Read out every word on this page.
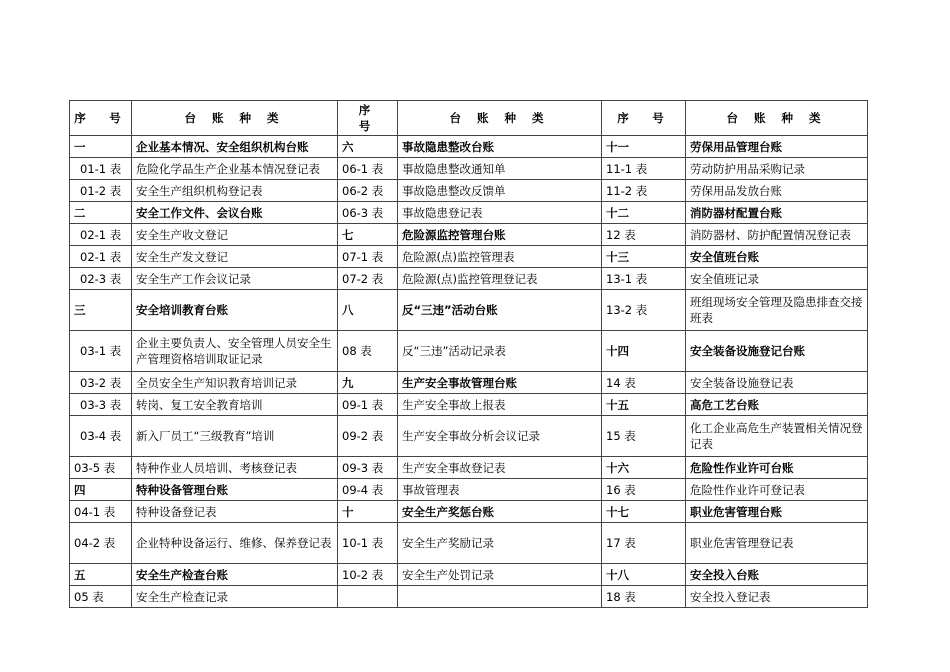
序　号	台 账 种 类	序　号	台 账 种 类	序　号	台 账 种 类
一	企业基本情况、安全组织机构台账	六	事故隐患整改台账	十一	劳保用品管理台账
01-1 表	危险化学品生产企业基本情况登记表	06-1 表	事故隐患整改通知单	11-1 表	劳动防护用品采购记录
01-2 表	安全生产组织机构登记表	06-2 表	事故隐患整改反馈单	11-2 表	劳保用品发放台账
二	安全工作文件、会议台账	06-3 表	事故隐患登记表	十二	消防器材配置台账
02-1 表	安全生产收文登记	七	危险源监控管理台账	12 表	消防器材、防护配置情况登记表
02-1 表	安全生产发文登记	07-1 表	危险源(点)监控管理表	十三	安全值班台账
02-3 表	安全生产工作会议记录	07-2 表	危险源(点)监控管理登记表	13-1 表	安全值班记录
三	安全培训教育台账	八	反“三违”活动台账	13-2 表	班组现场安全管理及隐患排查交接班表
03-1 表	企业主要负责人、安全管理人员安全生产管理资格培训取证记录	08 表	反“三违”活动记录表	十四	安全装备设施登记台账
03-2 表	全员安全生产知识教育培训记录	九	生产安全事故管理台账	14 表	安全装备设施登记表
03-3 表	转岗、复工安全教育培训	09-1 表	生产安全事故上报表	十五	高危工艺台账
03-4 表	新入厂员工“三级教育”培训	09-2 表	生产安全事故分析会议记录	15 表	化工企业高危生产装置相关情况登记表
03-5 表	特种作业人员培训、考核登记表	09-3 表	生产安全事故登记表	十六	危险性作业许可台账
四	特种设备管理台账	09-4 表	事故管理表	16 表	危险性作业许可登记表
04-1 表	特种设备登记表	十	安全生产奖惩台账	十七	职业危害管理台账
04-2 表	企业特种设备运行、维修、保养登记表	10-1 表	安全生产奖励记录	17 表	职业危害管理登记表
五	安全生产检查台账	10-2 表	安全生产处罚记录	十八	安全投入台账
05 表	安全生产检查记录			18 表	安全投入登记表
